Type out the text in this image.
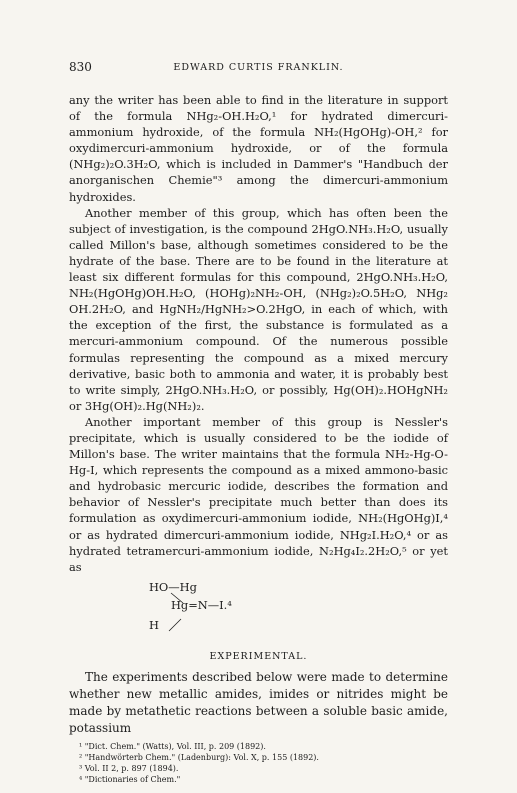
830	EDWARD CURTIS FRANKLIN.

any the writer has been able to find in the literature in support of the formula NHg₂-OH.H₂O,¹ for hydrated dimercuri-ammonium hydroxide, of the formula NH₂(HgOHg)-OH,² for oxydimercuri-ammonium hydroxide, or of the formula (NHg₂)₂O.3H₂O, which is included in Dammer's "Handbuch der anorganischen Chemie"³ among the dimercuri-ammonium hydroxides.

Another member of this group, which has often been the subject of investigation, is the compound 2HgO.NH₃.H₂O, usually called Millon's base, although sometimes considered to be the hydrate of the base. There are to be found in the literature at least six different formulas for this compound, 2HgO.NH₃.H₂O, NH₂(HgOHg)OH.H₂O, (HOHg)₂NH₂-OH, (NHg₂)₂O.5H₂O, NHg₂ OH.2H₂O, and HgNH₂/HgNH₂>O.2HgO, in each of which, with the exception of the first, the substance is formulated as a mercuri-ammonium compound. Of the numerous possible formulas representing the compound as a mixed mercury derivative, basic both to ammonia and water, it is probably best to write simply, 2HgO.NH₃.H₂O, or possibly, Hg(OH)₂.HOHgNH₂ or 3Hg(OH)₂.Hg(NH₂)₂.

Another important member of this group is Nessler's precipitate, which is usually considered to be the iodide of Millon's base. The writer maintains that the formula NH₂-Hg-O-Hg-I, which represents the compound as a mixed ammono-basic and hydrobasic mercuric iodide, describes the formation and behavior of Nessler's precipitate much better than does its formulation as oxydimercuri-ammonium iodide, NH₂(HgOHg)I,⁴ or as hydrated dimercuri-ammonium iodide, NHg₂I.H₂O,⁴ or as hydrated tetramercuri-ammonium iodide, N₂Hg₄I₂.2H₂O,⁵ or yet as

HO—Hg
Hg=N—I.⁴
H
EXPERIMENTAL.

The experiments described below were made to determine whether new metallic amides, imides or nitrides might be made by metathetic reactions between a soluble basic amide, potassium

¹ "Dict. Chem." (Watts), Vol. III, p. 209 (1892).
² "Handwörterb Chem." (Ladenburg): Vol. X, p. 155 (1892).
³ Vol. II 2, p. 897 (1894).
⁴ "Dictionaries of Chem."
